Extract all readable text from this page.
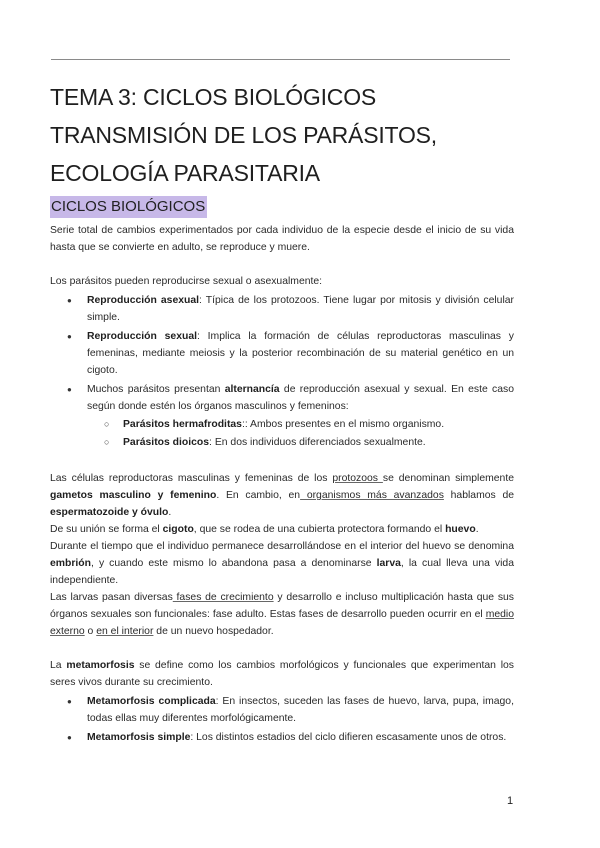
TEMA 3: CICLOS BIOLÓGICOS
TRANSMISIÓN DE LOS PARÁSITOS,
ECOLOGÍA PARASITARIA
CICLOS BIOLÓGICOS

Serie total de cambios experimentados por cada individuo de la especie desde el inicio de su vida hasta que se convierte en adulto, se reproduce y muere.

Los parásitos pueden reproducirse sexual o asexualmente:

● Reproducción asexual: Típica de los protozoos. Tiene lugar por mitosis y división celular simple.
● Reproducción sexual: Implica la formación de células reproductoras masculinas y femeninas, mediante meiosis y la posterior recombinación de su material genético en un cigoto.
● Muchos parásitos presentan alternancía de reproducción asexual y sexual. En este caso según donde estén los órganos masculinos y femeninos:
○ Parásitos hermafroditas:: Ambos presentes en el mismo organismo.
○ Parásitos dioicos: En dos individuos diferenciados sexualmente.

Las células reproductoras masculinas y femeninas de los protozoos se denominan simplemente gametos masculino y femenino. En cambio, en organismos más avanzados hablamos de espermatozoide y óvulo.

De su unión se forma el cigoto, que se rodea de una cubierta protectora formando el huevo.

Durante el tiempo que el individuo permanece desarrollándose en el interior del huevo se denomina embrión, y cuando este mismo lo abandona pasa a denominarse larva, la cual lleva una vida independiente.

Las larvas pasan diversas fases de crecimiento y desarrollo e incluso multiplicación hasta que sus órganos sexuales son funcionales: fase adulto. Estas fases de desarrollo pueden ocurrir en el medio externo o en el interior de un nuevo hospedador.

La metamorfosis se define como los cambios morfológicos y funcionales que experimentan los seres vivos durante su crecimiento.

● Metamorfosis complicada: En insectos, suceden las fases de huevo, larva, pupa, imago, todas ellas muy diferentes morfológicamente.
● Metamorfosis simple: Los distintos estadios del ciclo difieren escasamente unos de otros.
1
